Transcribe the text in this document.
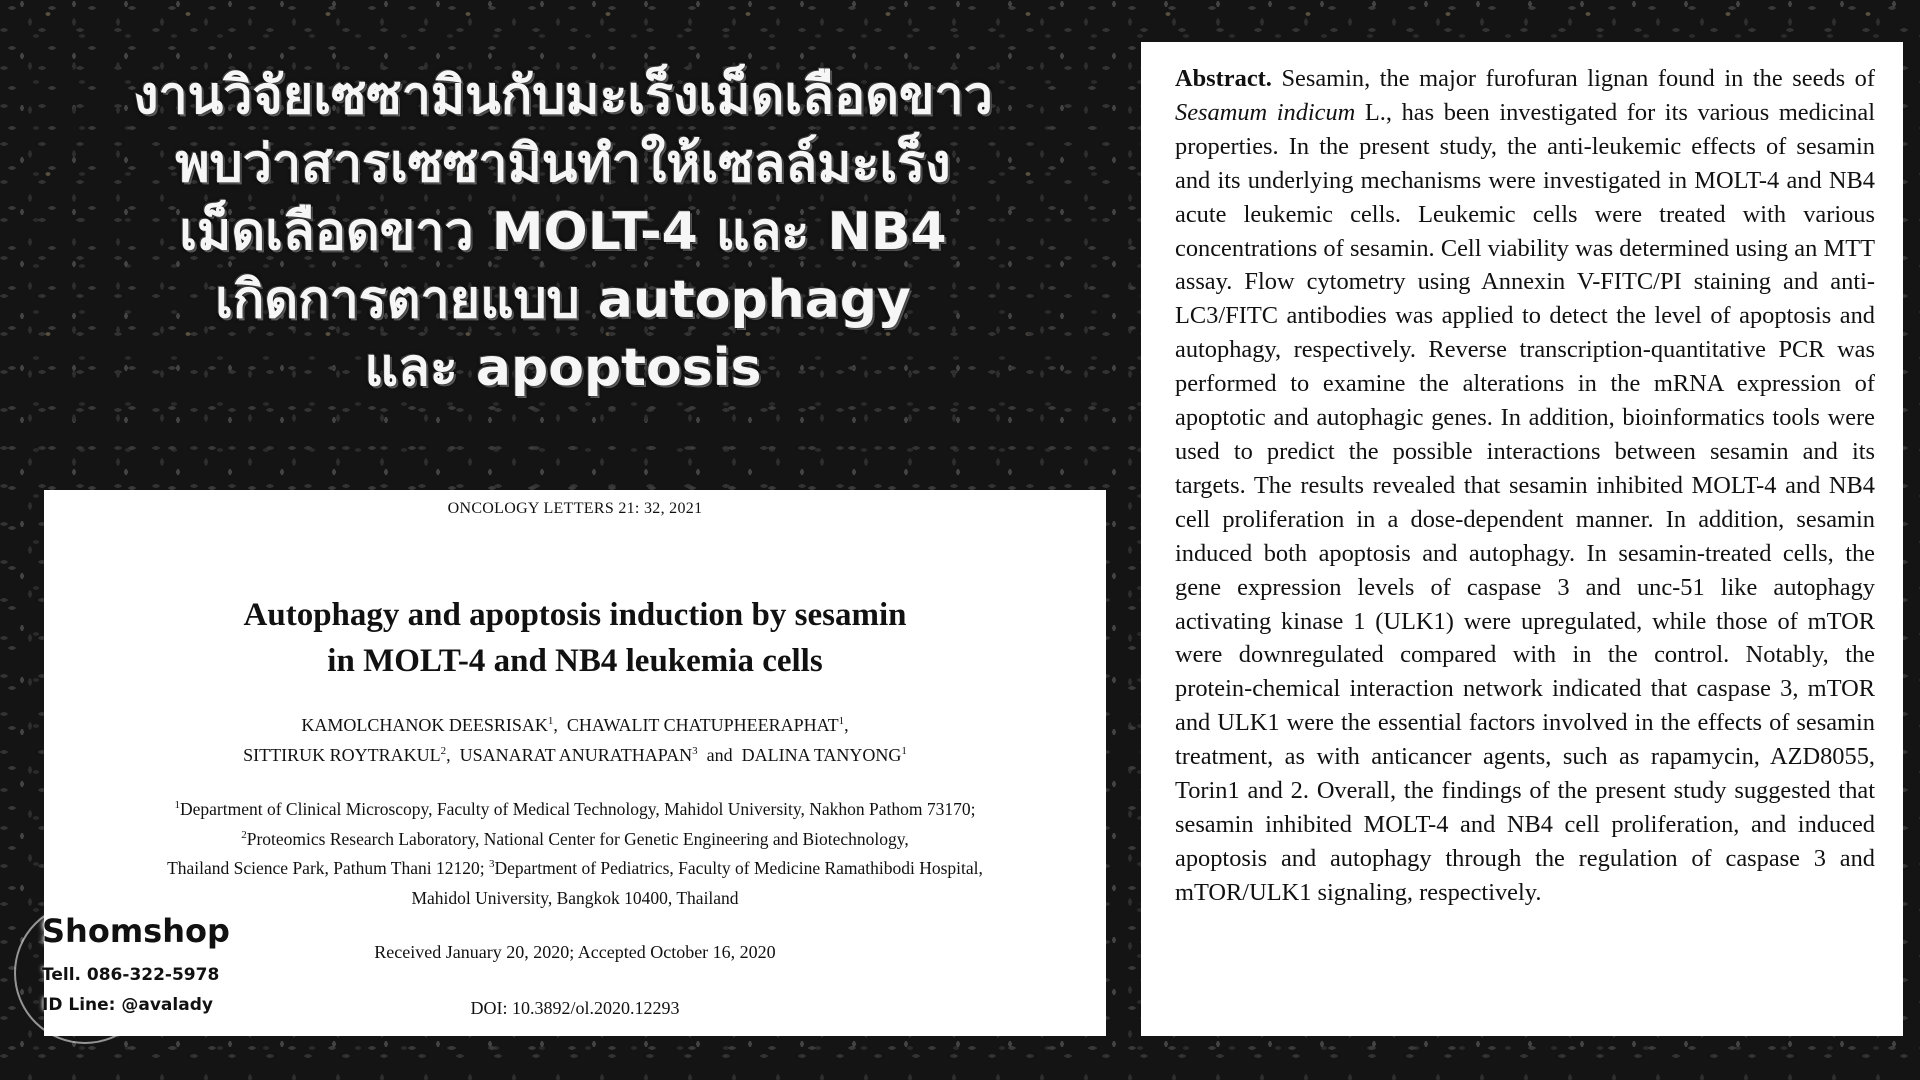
งานวิจัยเซซามินกับมะเร็งเม็ดเลือดขาว
พบว่าสารเซซามินทำให้เซลล์มะเร็ง
เม็ดเลือดขาว MOLT-4 และ NB4
เกิดการตายแบบ autophagy
และ apoptosis
ONCOLOGY LETTERS 21: 32, 2021
Autophagy and apoptosis induction by sesamin
in MOLT-4 and NB4 leukemia cells
KAMOLCHANOK DEESRISAK$^1$,  CHAWALIT CHATUPHEERAPHAT$^1$,
SITTIRUK ROYTRAKUL$^2$,  USANARAT ANURATHAPAN$^3$ and DALINA TANYONG$^1$
$^1$Department of Clinical Microscopy, Faculty of Medical Technology, Mahidol University, Nakhon Pathom 73170;
$^2$Proteomics Research Laboratory, National Center for Genetic Engineering and Biotechnology,
Thailand Science Park, Pathum Thani 12120; $^3$Department of Pediatrics, Faculty of Medicine Ramathibodi Hospital,
Mahidol University, Bangkok 10400, Thailand
Received January 20, 2020; Accepted October 16, 2020
DOI: 10.3892/ol.2020.12293

Abstract. Sesamin, the major furofuran lignan found in the seeds of Sesamum indicum L., has been investigated for its various medicinal properties. In the present study, the anti-leukemic effects of sesamin and its underlying mechanisms were investigated in MOLT-4 and NB4 acute leukemic cells. Leukemic cells were treated with various concentrations of sesamin. Cell viability was determined using an MTT assay. Flow cytometry using Annexin V-FITC/PI staining and anti-LC3/FITC antibodies was applied to detect the level of apoptosis and autophagy, respectively. Reverse transcription-quantitative PCR was performed to examine the alterations in the mRNA expression of apoptotic and autophagic genes. In addition, bioinformatics tools were used to predict the possible interactions between sesamin and its targets. The results revealed that sesamin inhibited MOLT-4 and NB4 cell proliferation in a dose-dependent manner. In addition, sesamin induced both apoptosis and autophagy. In sesamin-treated cells, the gene expression levels of caspase 3 and unc-51 like autophagy activating kinase 1 (ULK1) were upregulated, while those of mTOR were downregulated compared with in the control. Notably, the protein-chemical interaction network indicated that caspase 3, mTOR and ULK1 were the essential factors involved in the effects of sesamin treatment, as with anticancer agents, such as rapamycin, AZD8055, Torin1 and 2. Overall, the findings of the present study suggested that sesamin inhibited MOLT-4 and NB4 cell proliferation, and induced apoptosis and autophagy through the regulation of caspase 3 and mTOR/ULK1 signaling, respectively.

Shomshop
Tell. 086-322-5978
ID Line: @avalady
